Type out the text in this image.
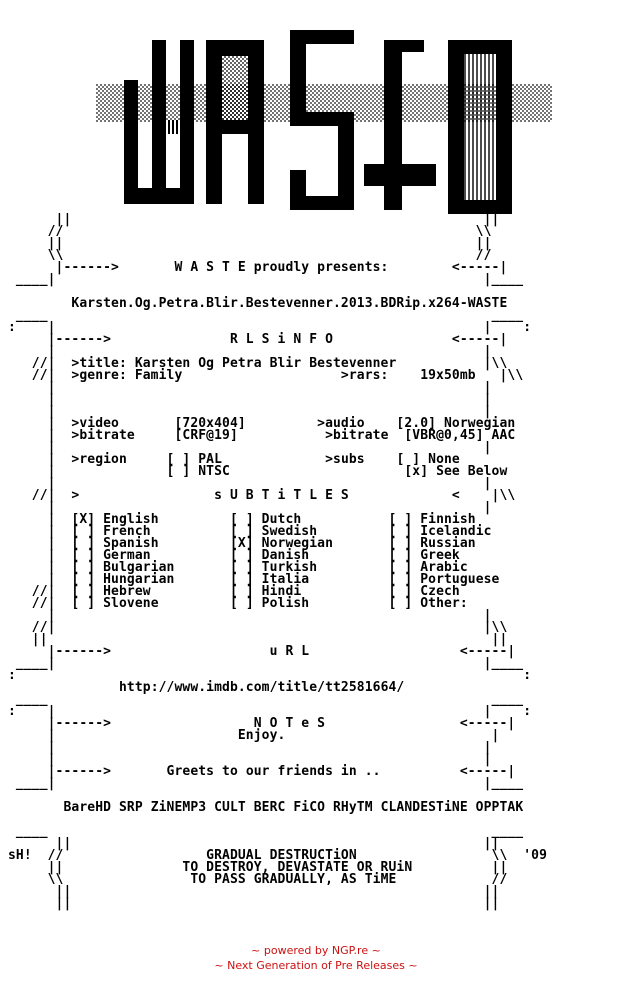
||                                                    ||
//                                                    \\
||                                                    ||
\\                                                    //
|------>	W A S T E proudly presents:	<-----|
____|                                                      |____

Karsten.Og.Petra.Blir.Bestevenner.2013.BDRip.x264-WASTE
____                                                        ____
:    |                                                      |    :
|------>	R L S i N F O	<-----|
|                                                      |
//|  >title: Karsten Og Petra Blir Bestevenner	|\\
//|  >genre: Family                    >rars:    19x50mb   |\\
|                                                      |
|                                                      |
|                                                      |
|  >video	[720x404]         >audio    [2.0] Norwegian
|  >bitrate	[CRF@19]           >bitrate  [VBR@0,45] AAC
|                                                      |
|  >region	[ ] PAL             >subs    [ ] None
|	[ ] NTSC	[x] See Below
|                                                      |
//|  >	s U B T i T L E S	<    |\\
|                                                      |
|  [X] English         [ ] Dutch           [ ] Finnish
|  [ ] French          [ ] Swedish         [ ] Icelandic
|  [ ] Spanish         [X] Norwegian       [ ] Russian
|  [ ] German          [ ] Danish          [ ] Greek
|  [ ] Bulgarian       [ ] Turkish         [ ] Arabic
|  [ ] Hungarian       [ ] Italia          [ ] Portuguese
//|  [ ] Hebrew          [ ] Hindi           [ ] Czech
//|  [ ] Slovene         [ ] Polish          [ ] Other:
|                                                      |
//|                                                      |\\
||                                                        ||
|------>	u R L	<-----|
____|                                                      |____
:                                                                :
http://www.imdb.com/title/tt2581664/
____                                                        ____
:    |                                                      |    :
|------>	N O T e S	<-----|
|	Enjoy.	|
|                                                      |
|                                                      |
|------>	Greets to our friends in ..	<-----|
____|                                                      |____

BareHD SRP ZiNEMP3 CULT BERC FiCO RHyTM CLANDESTiNE OPPTAK

____                                                        ____
||                                                    ||
sH!  //                  GRADUAL DESTRUCTiON                 \\  '09
||	TO DESTROY, DEVASTATE OR RUiN	||
\\	TO PASS GRADUALLY, AS TiME	//
||                                                    ||
||                                                    ||
~ powered by NGP.re ~
~ Next Generation of Pre Releases ~
